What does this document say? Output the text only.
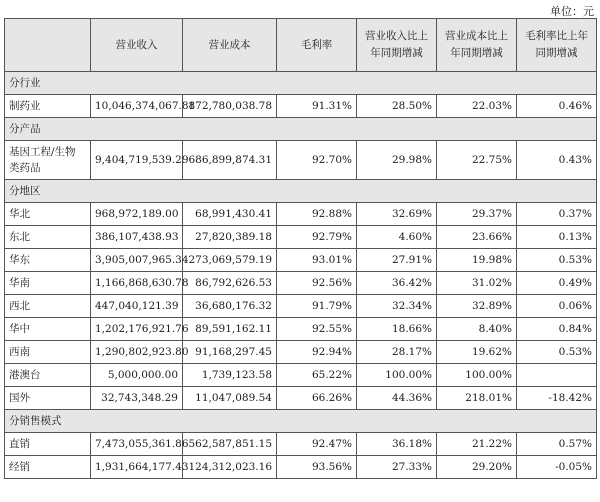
单位：元
	营业收入	营业成本	毛利率	营业收入比上年同期增减	营业成本比上年同期增减	毛利率比上年同期增减
分行业						
制药业	10,046,374,067.81	872,780,038.78	91.31%	28.50%	22.03%	0.46%
分产品						
基因工程/生物类药品	9,404,719,539.29	686,899,874.31	92.70%	29.98%	22.75%	0.43%
分地区						
华北	968,972,189.00	68,991,430.41	92.88%	32.69%	29.37%	0.37%
东北	386,107,438.93	27,820,389.18	92.79%	4.60%	23.66%	0.13%
华东	3,905,007,965.34	273,069,579.19	93.01%	27.91%	19.98%	0.53%
华南	1,166,868,630.78	86,792,626.53	92.56%	36.42%	31.02%	0.49%
西北	447,040,121.39	36,680,176.32	91.79%	32.34%	32.89%	0.06%
华中	1,202,176,921.76	89,591,162.11	92.55%	18.66%	8.40%	0.84%
西南	1,290,802,923.80	91,168,297.45	92.94%	28.17%	19.62%	0.53%
港澳台	5,000,000.00	1,739,123.58	65.22%	100.00%	100.00%	
国外	32,743,348.29	11,047,089.54	66.26%	44.36%	218.01%	-18.42%
分销售模式						
直销	7,473,055,361.86	562,587,851.15	92.47%	36.18%	21.22%	0.57%
经销	1,931,664,177.43	124,312,023.16	93.56%	27.33%	29.20%	-0.05%
